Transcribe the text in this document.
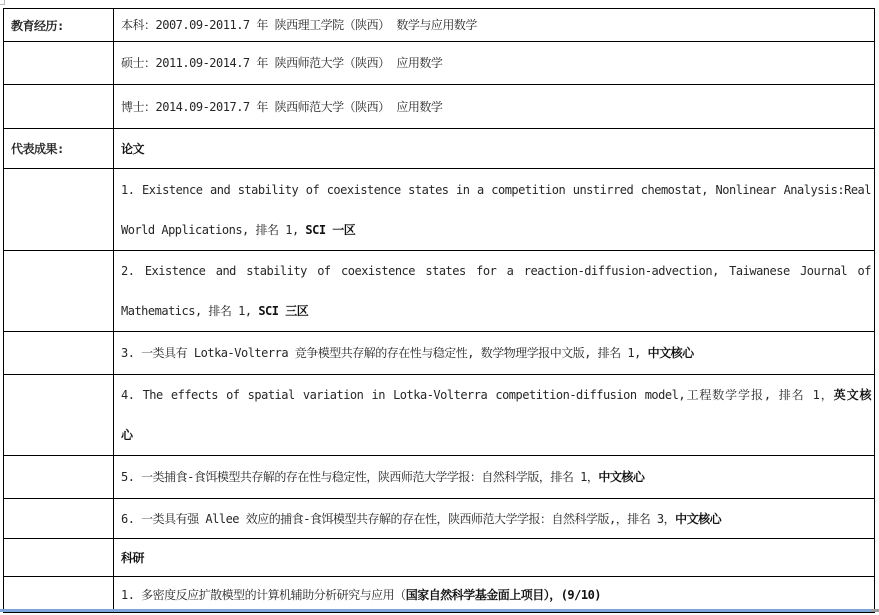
教育经历:	本科：2007.09-2011.7 年 陕西理工学院（陕西） 数学与应用数学

	硕士：2011.09-2014.7 年 陕西师范大学（陕西） 应用数学

	博士：2014.09-2017.7 年 陕西师范大学（陕西） 应用数学

代表成果:	论文

	1. Existence and stability of coexistence states in a competition unstirred chemostat, Nonlinear Analysis:Real
World Applications, 排名 1, SCI 一区

	2. Existence and stability of coexistence states for a reaction-diffusion-advection, Taiwanese Journal of
Mathematics, 排名 1, SCI 三区

	3. 一类具有 Lotka-Volterra 竞争模型共存解的存在性与稳定性, 数学物理学报中文版, 排名 1, 中文核心

	4. The effects of spatial variation in Lotka-Volterra competition-diffusion model,工程数学学报, 排名 1，英文核
心

	5. 一类捕食-食饵模型共存解的存在性与稳定性，陕西师范大学学报：自然科学版，排名 1，中文核心

	6. 一类具有强 Allee 效应的捕食-食饵模型共存解的存在性，陕西师范大学学报：自然科学版,，排名 3，中文核心

	科研

	1. 多密度反应扩散模型的计算机辅助分析研究与应用（国家自然科学基金面上项目），(9/10)
